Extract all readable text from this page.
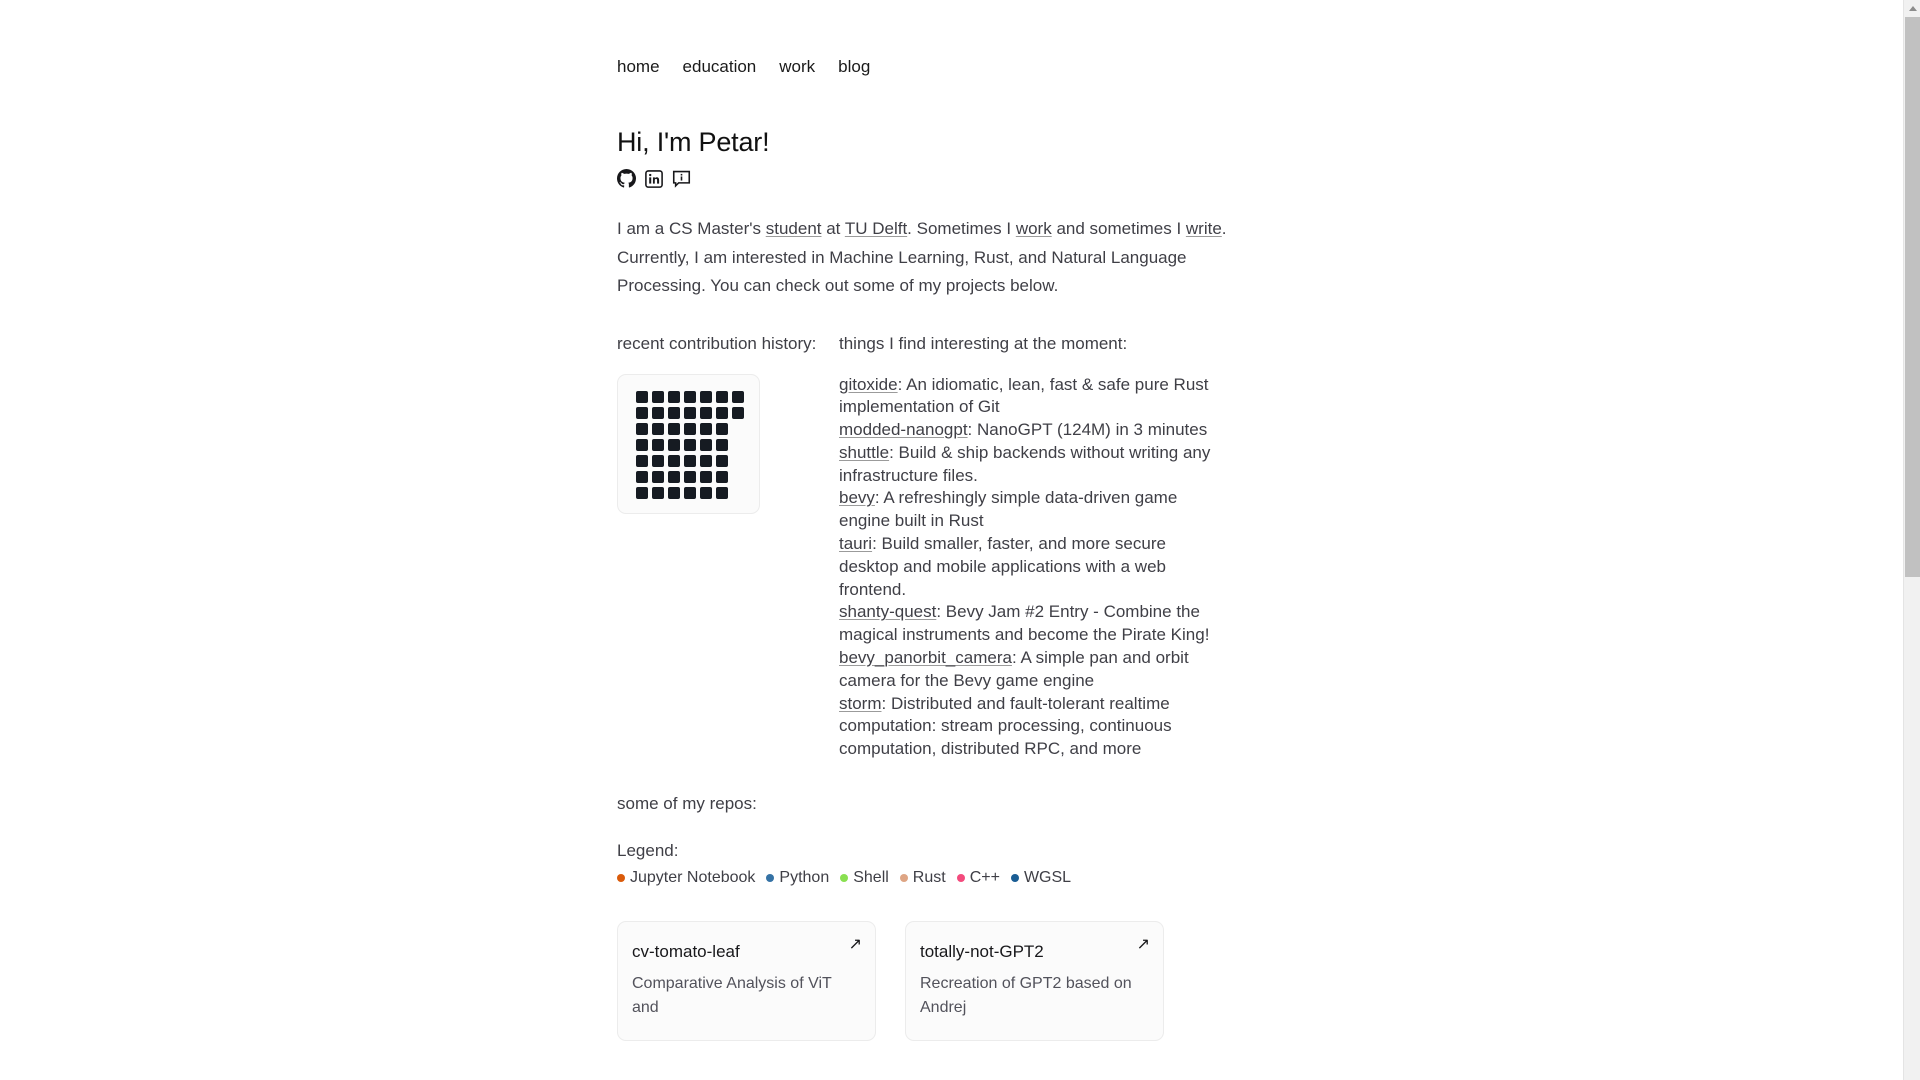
home education work blog
Hi, I'm Petar!

I am a CS Master's student at TU Delft. Sometimes I work and sometimes I write. Currently, I am interested in Machine Learning, Rust, and Natural Language Processing. You can check out some of my projects below.

recent contribution history:	things I find interesting at the moment:
gitoxide: An idiomatic, lean, fast & safe pure Rust implementation of Git
modded-nanogpt: NanoGPT (124M) in 3 minutes
shuttle: Build & ship backends without writing any infrastructure files.
bevy: A refreshingly simple data-driven game engine built in Rust
tauri: Build smaller, faster, and more secure desktop and mobile applications with a web frontend.
shanty-quest: Bevy Jam #2 Entry - Combine the magical instruments and become the Pirate King!
bevy_panorbit_camera: A simple pan and orbit camera for the Bevy game engine
storm: Distributed and fault-tolerant realtime computation: stream processing, continuous computation, distributed RPC, and more
some of my repos:
Legend:
Jupyter Notebook Python Shell Rust C++ WGSL
↗
cv-tomato-leaf
Comparative Analysis of ViT and
↗
totally-not-GPT2
Recreation of GPT2 based on Andrej
